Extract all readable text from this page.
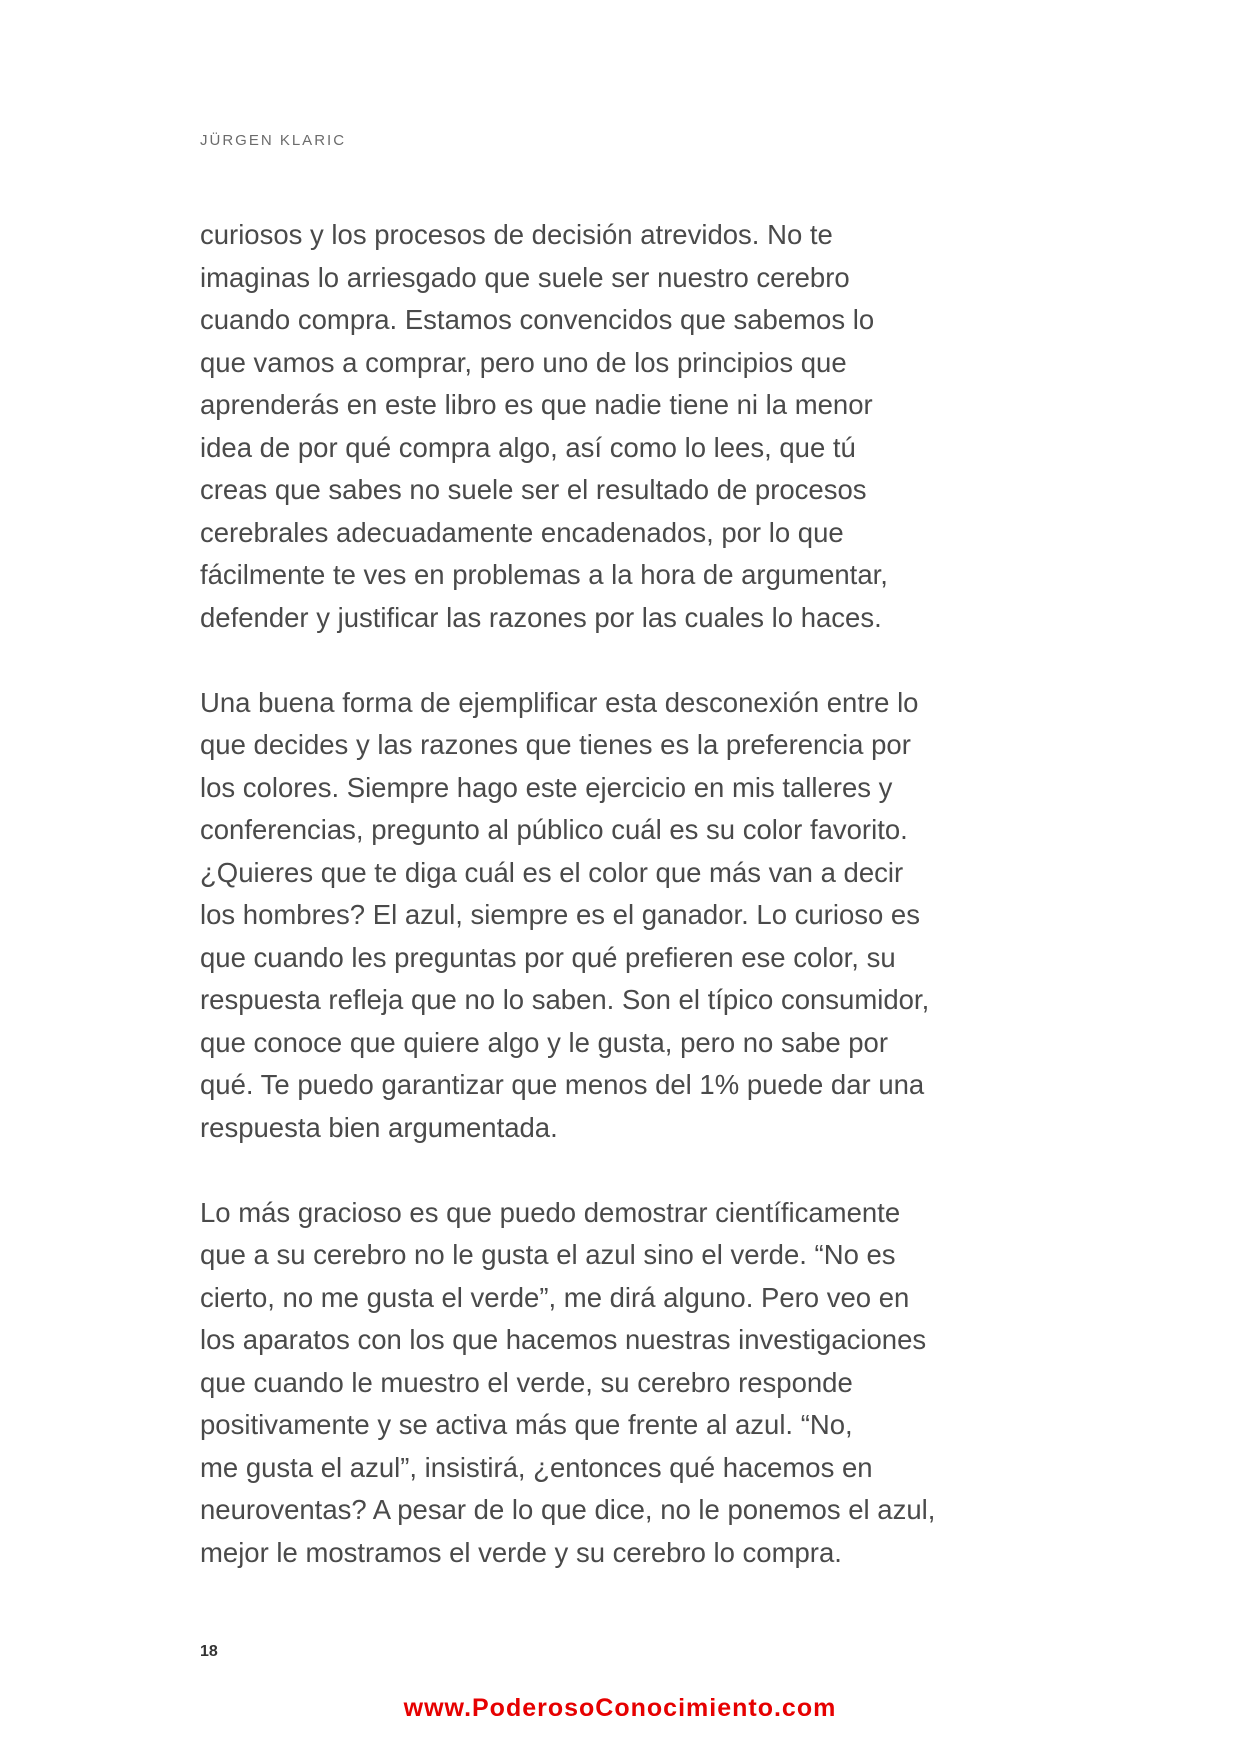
JÜRGEN KLARIC

curiosos y los procesos de decisión atrevidos. No te
imaginas lo arriesgado que suele ser nuestro cerebro
cuando compra. Estamos convencidos que sabemos lo
que vamos a comprar, pero uno de los principios que
aprenderás en este libro es que nadie tiene ni la menor
idea de por qué compra algo, así como lo lees, que tú
creas que sabes no suele ser el resultado de procesos
cerebrales adecuadamente encadenados, por lo que
fácilmente te ves en problemas a la hora de argumentar,
defender y justificar las razones por las cuales lo haces.

Una buena forma de ejemplificar esta desconexión entre lo
que decides y las razones que tienes es la preferencia por
los colores. Siempre hago este ejercicio en mis talleres y
conferencias, pregunto al público cuál es su color favorito.
¿Quieres que te diga cuál es el color que más van a decir
los hombres? El azul, siempre es el ganador. Lo curioso es
que cuando les preguntas por qué prefieren ese color, su
respuesta refleja que no lo saben. Son el típico consumidor,
que conoce que quiere algo y le gusta, pero no sabe por
qué. Te puedo garantizar que menos del 1% puede dar una
respuesta bien argumentada.

Lo más gracioso es que puedo demostrar científicamente
que a su cerebro no le gusta el azul sino el verde. “No es
cierto, no me gusta el verde”, me dirá alguno. Pero veo en
los aparatos con los que hacemos nuestras investigaciones
que cuando le muestro el verde, su cerebro responde
positivamente y se activa más que frente al azul. “No,
me gusta el azul”, insistirá, ¿entonces qué hacemos en
neuroventas? A pesar de lo que dice, no le ponemos el azul,
mejor le mostramos el verde y su cerebro lo compra.

18
www.PoderosoConocimiento.com
